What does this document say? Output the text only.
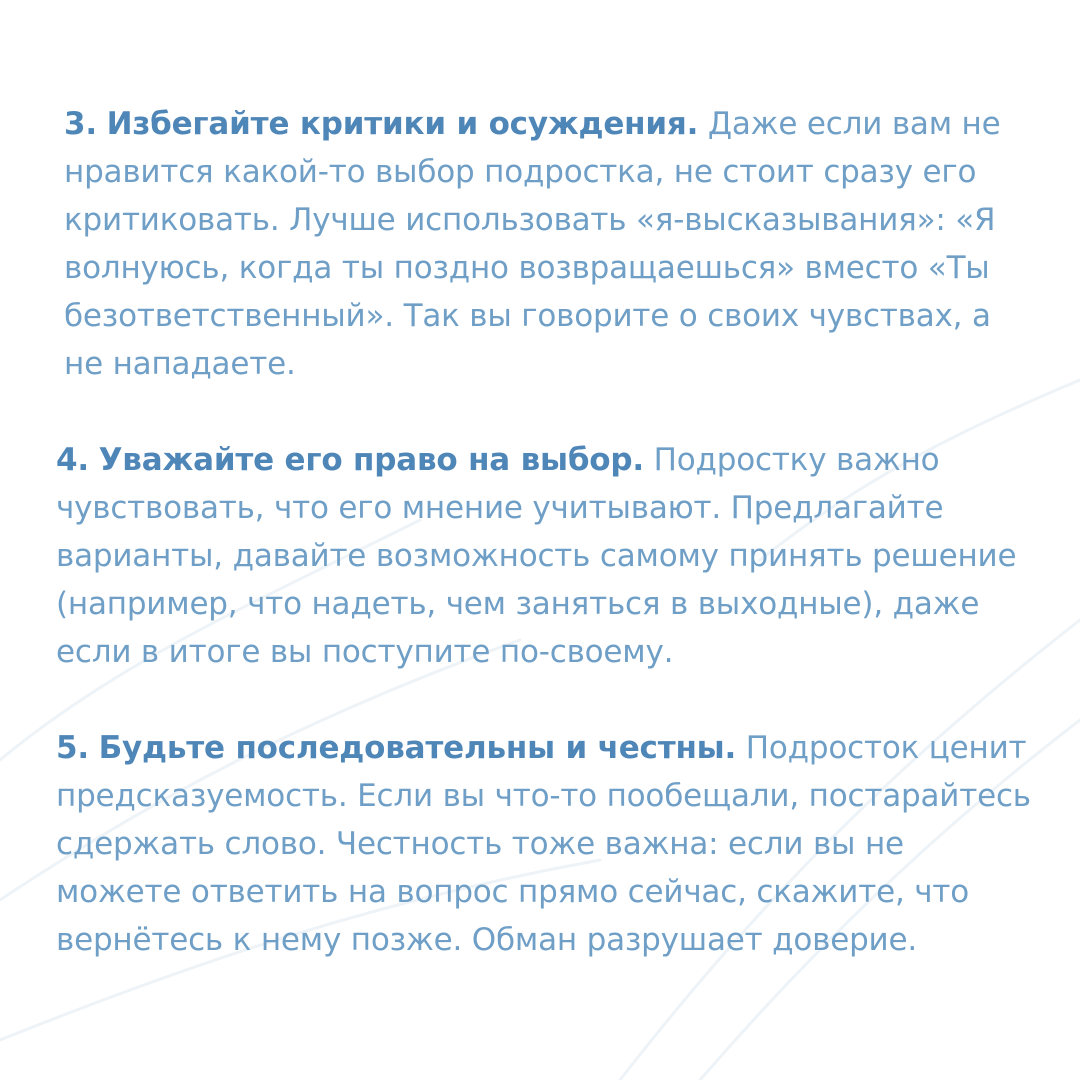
3. Избегайте критики и осуждения. Даже если вам не нравится какой-то выбор подростка, не стоит сразу его критиковать. Лучше использовать «я-высказывания»: «Я волнуюсь, когда ты поздно возвращаешься» вместо «Ты безответственный». Так вы говорите о своих чувствах, а не нападаете.

4. Уважайте его право на выбор. Подростку важно чувствовать, что его мнение учитывают. Предлагайте варианты, давайте возможность самому принять решение (например, что надеть, чем заняться в выходные), даже если в итоге вы поступите по-своему.

5. Будьте последовательны и честны. Подросток ценит предсказуемость. Если вы что-то пообещали, постарайтесь сдержать слово. Честность тоже важна: если вы не можете ответить на вопрос прямо сейчас, скажите, что вернётесь к нему позже. Обман разрушает доверие.
